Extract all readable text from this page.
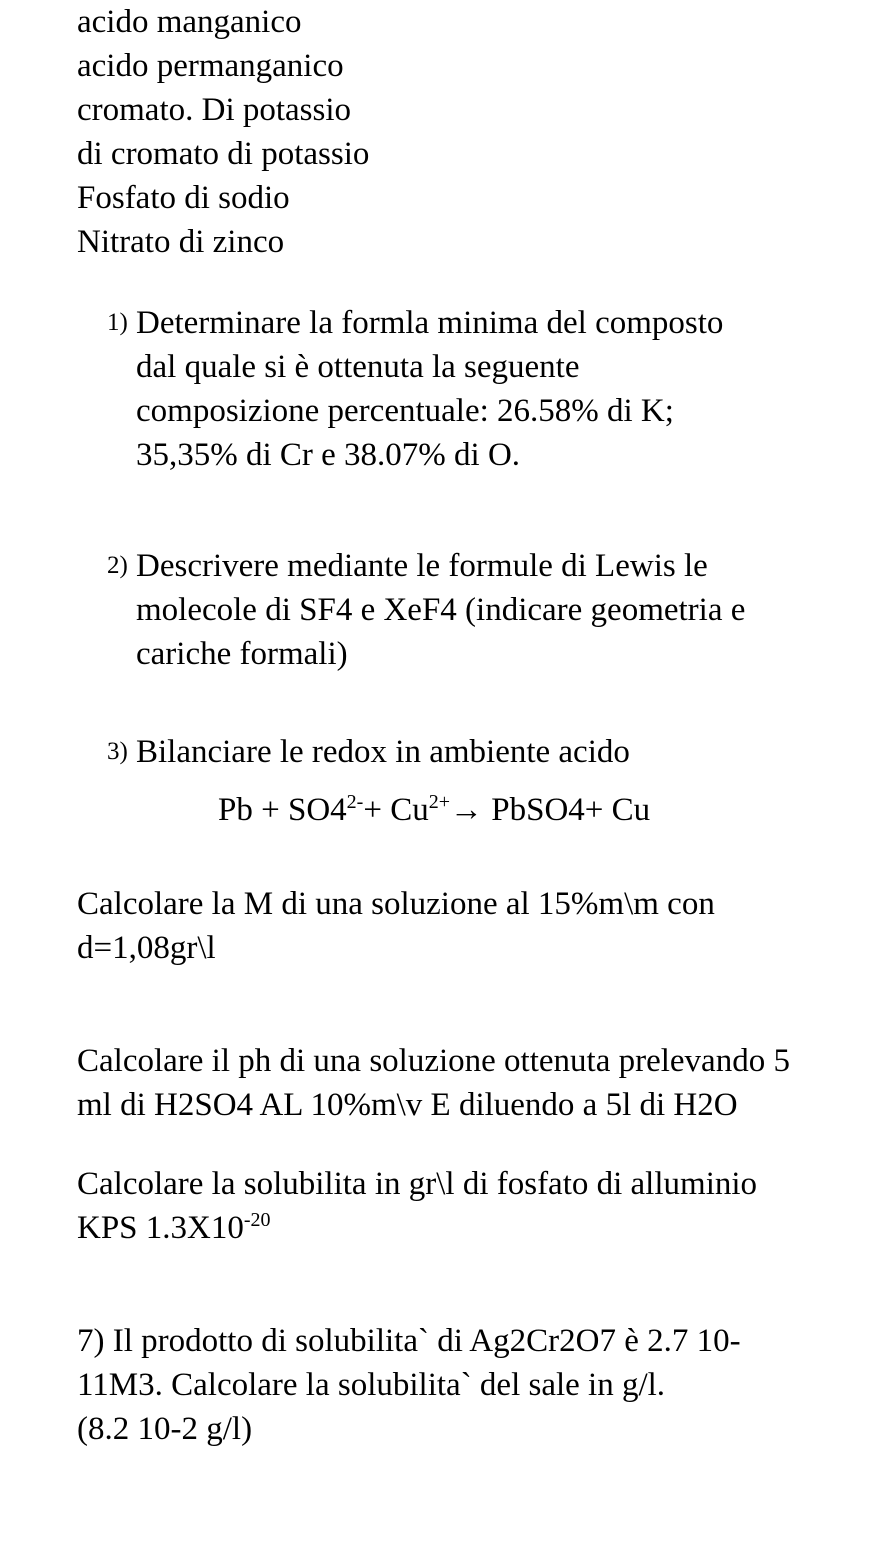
acido manganico
acido permanganico
cromato. Di potassio
di cromato di potassio
Fosfato di sodio
Nitrato di zinco
1) Determinare la formla minima del composto
dal quale si è ottenuta la seguente
composizione percentuale: 26.58% di K;
35,35% di Cr e 38.07% di O.
2) Descrivere mediante le formule di Lewis le
molecole di SF4 e XeF4 (indicare geometria e
cariche formali)
3) Bilanciare le redox in ambiente acido
$Pb + SO4^{2-}+ Cu^{2+}\to$ PbSO4+ Cu
Calcolare la M di una soluzione al 15%m\m con
d=1,08gr\l
Calcolare il ph di una soluzione ottenuta prelevando 5
ml di H2SO4 AL 10%m\v E diluendo a 5l di H2O
Calcolare la solubilita in gr\l di fosfato di alluminio
KPS $1.3X10^{-20}$
7) Il prodotto di solubilita` di Ag2Cr2O7 è 2.7 10-
11M3. Calcolare la solubilita` del sale in g/l.
(8.2 10-2 g/l)
